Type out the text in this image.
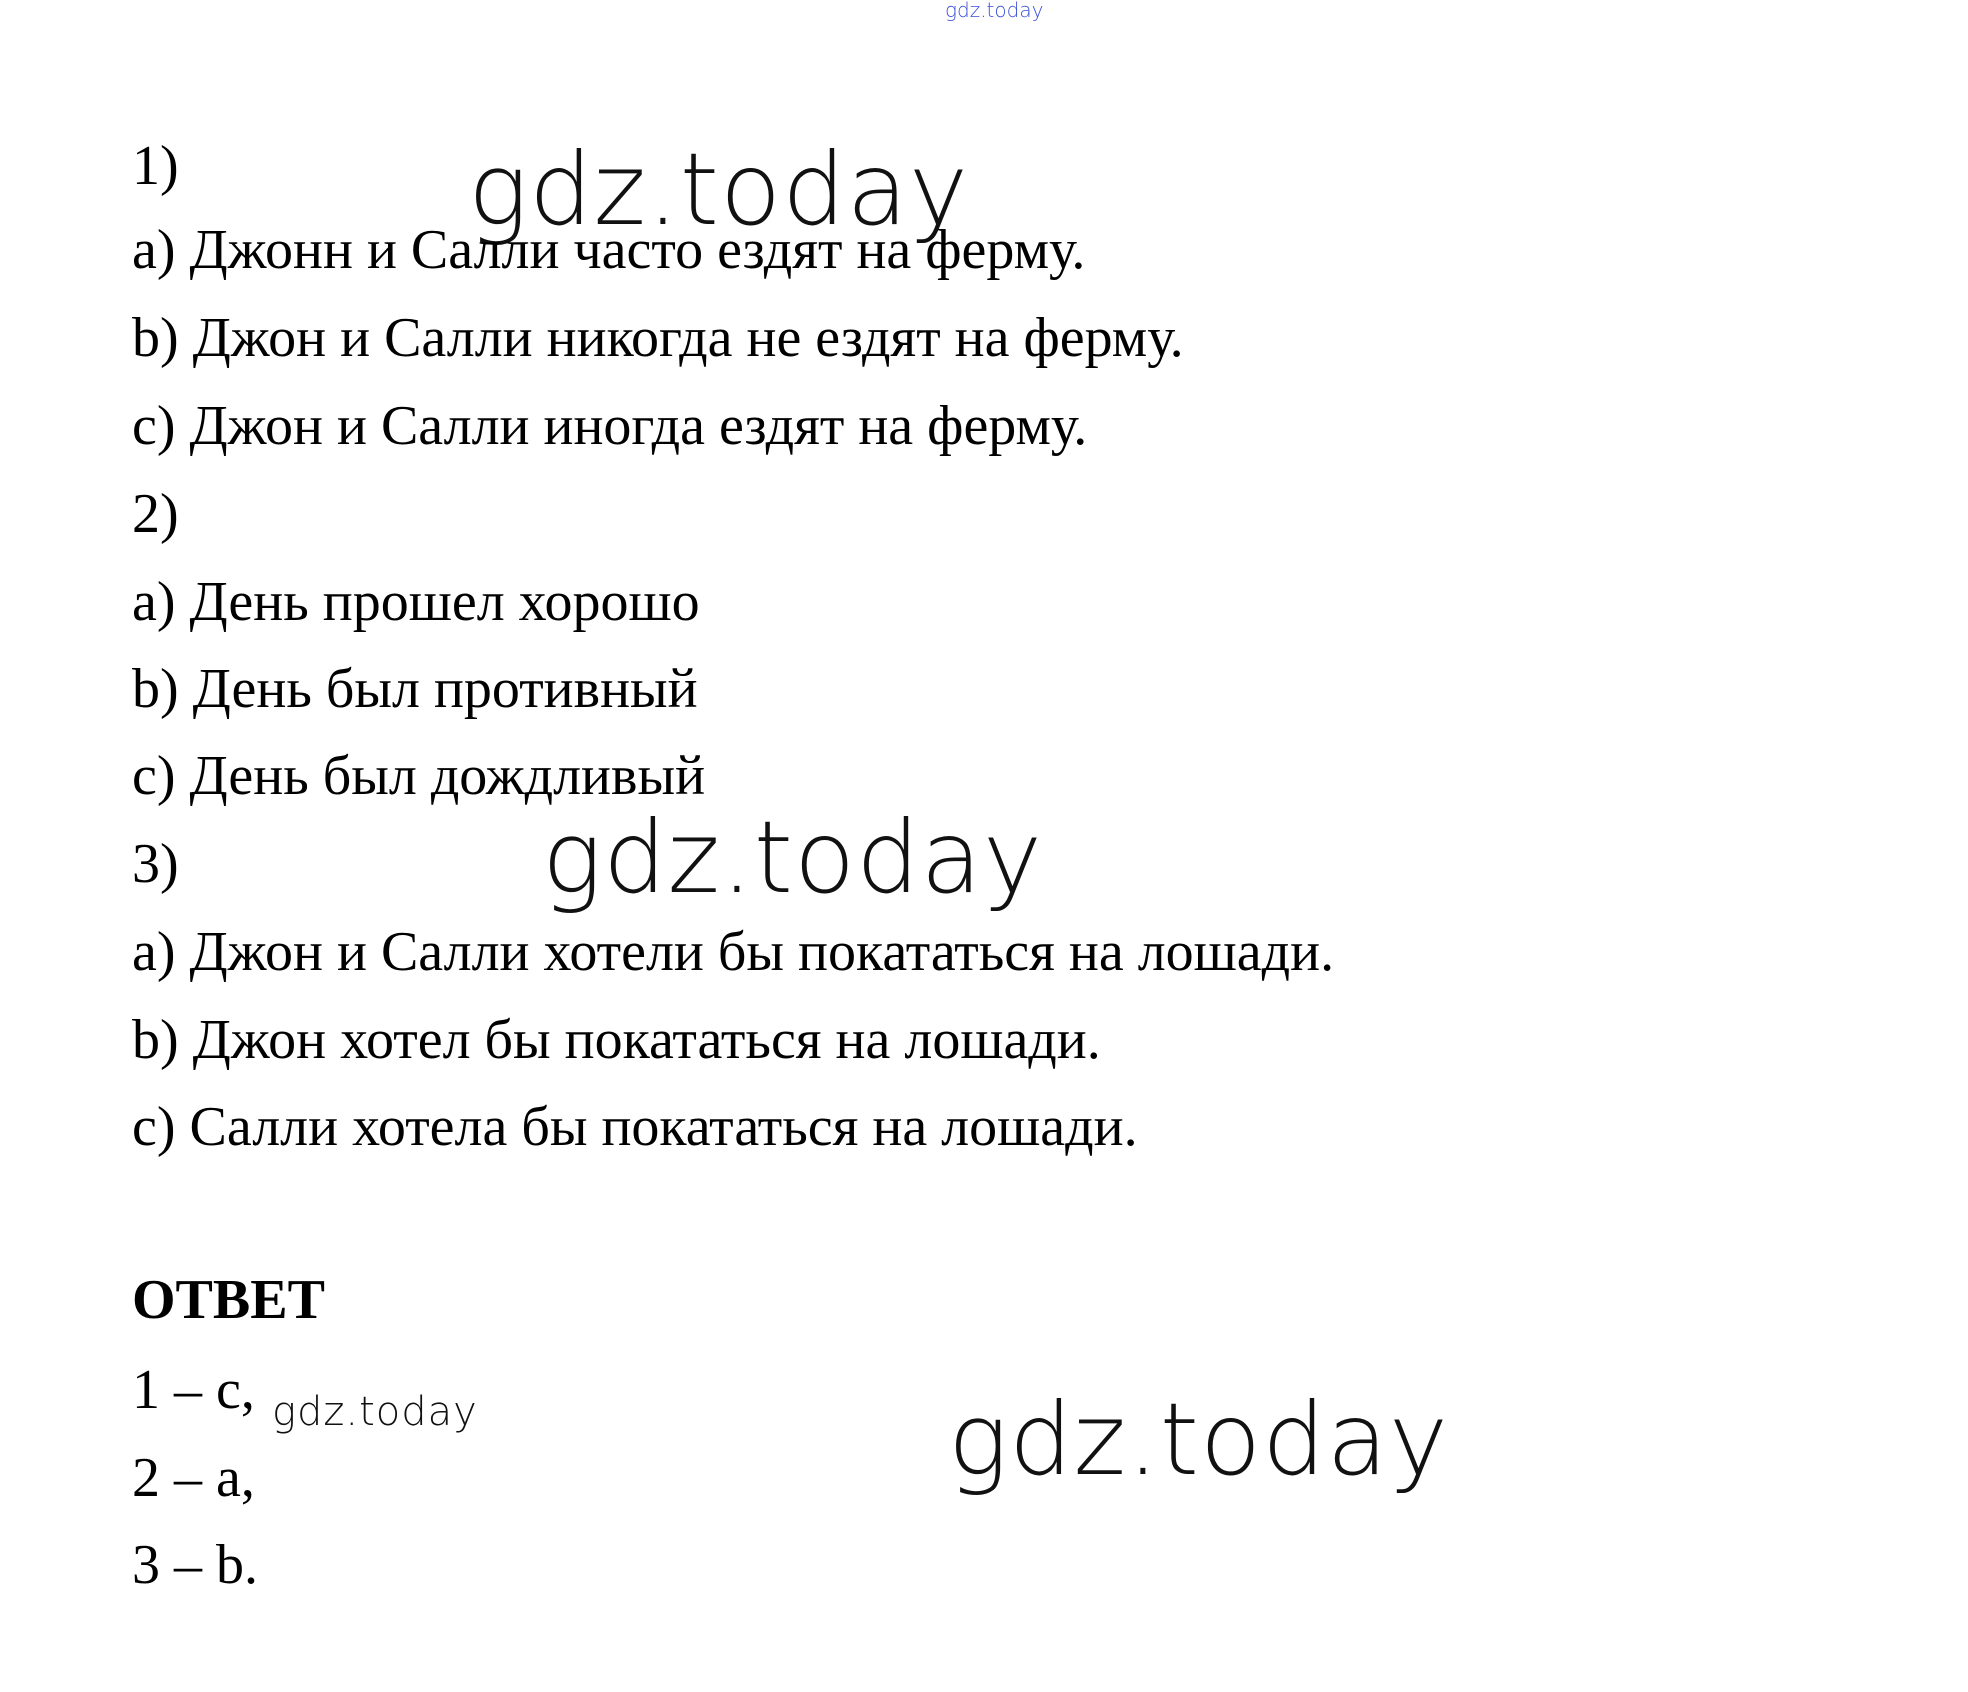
gdz.today
gdz.today
gdz.today
gdz.today
gdz.today
1)
a) Джонн и Салли часто ездят на ферму.
b) Джон и Салли никогда не ездят на ферму.
c) Джон и Салли иногда ездят на ферму.
2)
a) День прошел хорошо
b) День был противный
c) День был дождливый
3)
a) Джон и Салли хотели бы покататься на лошади.
b) Джон хотел бы покататься на лошади.
c) Салли хотела бы покататься на лошади.
ОТВЕТ
1 – c,
2 – a,
3 – b.
